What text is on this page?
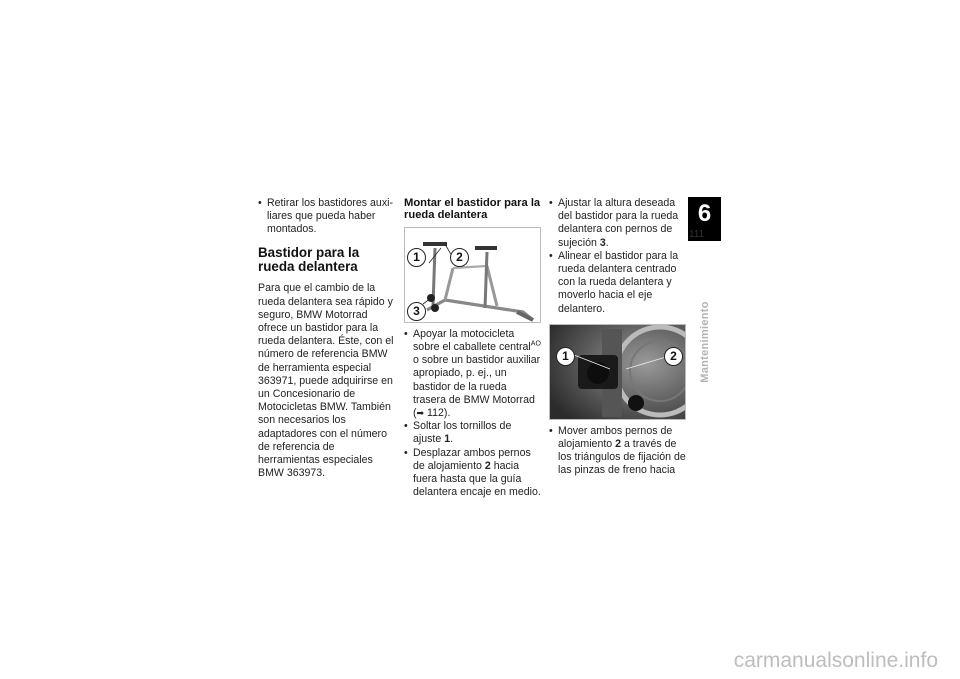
• Retirar los bastidores auxi-
liares que pueda haber
montados.
Bastidor para la rueda delantera

Para que el cambio de la rueda delantera sea rápido y seguro, BMW Motorrad ofrece un bastidor para la rueda delantera. Éste, con el número de referencia BMW de herramienta especial 363971, puede adquirirse en un Concesionario de Motocicletas BMW. También son necesarios los adaptadores con el número de referencia de herramientas especiales BMW 363973.

Montar el bastidor para la rueda delantera
1	2
3
• Apoyar la motocicleta sobre el caballete central$^{AO}$ o sobre un bastidor auxiliar apropiado, p. ej., un bastidor de la rueda trasera de BMW Motorrad (➡ 112).
• Soltar los tornillos de ajuste 1.
• Desplazar ambos pernos de alojamiento 2 hacia fuera hasta que la guía delantera encaje en medio.
• Ajustar la altura deseada del bastidor para la rueda delantera con pernos de sujeción 3.
• Alinear el bastidor para la rueda delantera centrado con la rueda delantera y moverlo hacia el eje delantero.
1	2
• Mover ambos pernos de alojamiento 2 a través de los triángulos de fijación de las pinzas de freno hacia
6
111
Mantenimiento
carmanualsonline.info
